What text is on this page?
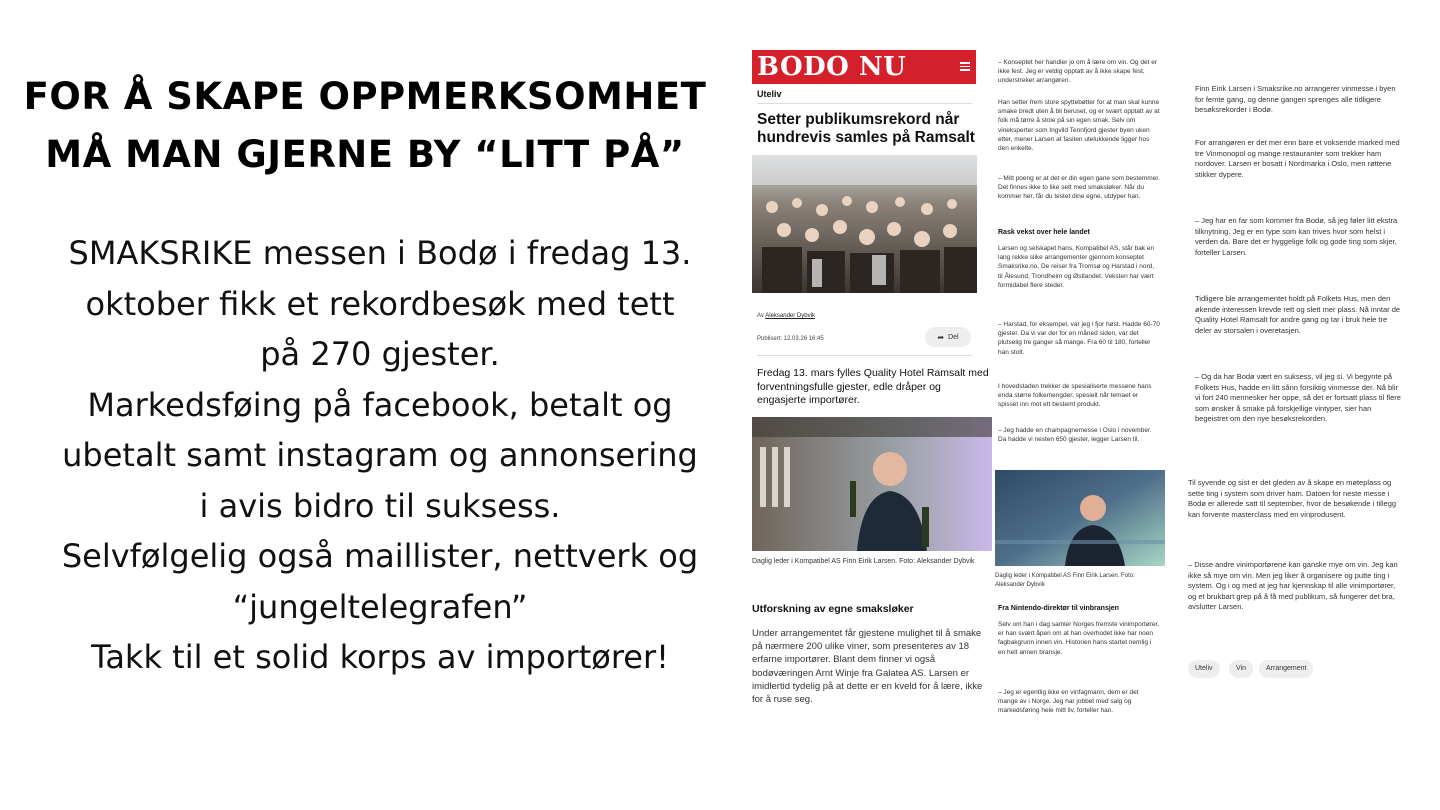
FOR Å SKAPE OPPMERKSOMHET
MÅ MAN GJERNE BY “LITT PÅ”
SMAKSRIKE messen i Bodø i fredag 13.
oktober fikk et rekordbesøk med tett
på 270 gjester.
Markedsføing på facebook, betalt og
ubetalt samt instagram og annonsering
i avis bidro til suksess.
Selvfølgelig også maillister, nettverk og
“jungeltelegrafen”
Takk til et solid korps av importører!
BODO NU
Uteliv
Setter publikumsrekord når hundrevis samles på Ramsalt
Av Aleksander Dybvik
Publisert: 12.03.26 16:45	➦ Del
Fredag 13. mars fylles Quality Hotel Ramsalt med forventningsfulle gjester, edle dråper og engasjerte importører.
Daglig leder i Kompatibel AS Finn Eirik Larsen. Foto: Aleksander Dybvik
Utforskning av egne smaksløker
Under arrangementet får gjestene mulighet til å smake på nærmere 200 ulike viner, som presenteres av 18 erfarne importører. Blant dem finner vi også bodøværingen Arnt Winje fra Galatea AS. Larsen er imidlertid tydelig på at dette er en kveld for å lære, ikke for å ruse seg.
– Konseptet her handler jo om å lære om vin. Og det er ikke fest. Jeg er veldig opptatt av å ikke skape fest, understreker arrangøren.
Han setter frem store spyttebøtter for at man skal kunne smake bredt uten å bli beruset, og er svært opptatt av at folk må tørre å stole på sin egen smak. Selv om vineksperter som Ingvild Tennfjord gjester byen uken etter, mener Larsen at fasiten utelukkende ligger hos den enkelte.
– Mitt poeng er at det er din egen gane som bestemmer. Det finnes ikke to like sett med smaksløker. Når du kommer her, får du testet dine egne, utdyper han.
Rask vekst over hele landet
Larsen og selskapet hans, Kompatibel AS, står bak en lang rekke slike arrangementer gjennom konseptet Smaksrike.no. De reiser fra Tromsø og Harstad i nord, til Ålesund, Trondheim og Østlandet. Veksten har vært formidabel flere steder.
– Harstad, for eksempel, var jeg i fjor høst. Hadde 60-70 gjester. Da vi var der for en måned siden, var det plutselig tre ganger så mange. Fra 60 til 180, forteller han stolt.
I hovedstaden trekker de spesialiserte messene hans enda større folkemengder, spesielt når temaet er spisset inn mot ett bestemt produkt.
– Jeg hadde en champagnemesse i Oslo i november. Da hadde vi nesten 650 gjester, legger Larsen til.
Daglig leder i Kompatibel AS Finn Eirik Larsen. Foto: Aleksander Dybvik
Fra Nintendo-direktør til vinbransjen
Selv om han i dag samler Norges fremste vinimportører, er han svært åpen om at han overhodet ikke har noen fagbakgrunn innen vin. Historien hans startet nemlig i en helt annen bransje.
– Jeg er egentlig ikke en vinfagmann, dem er det mange av i Norge. Jeg har jobbet med salg og markedsføring hele mitt liv, forteller han.
Finn Eirik Larsen i Smaksrike.no arrangerer vinmesse i byen for femte gang, og denne gangen sprenges alle tidligere besøksrekorder i Bodø.
For arrangøren er det mer enn bare et voksende marked med tre Vinmonopol og mange restauranter som trekker ham nordover. Larsen er bosatt i Nordmarka i Oslo, men røttene stikker dypere.
– Jeg har en far som kommer fra Bodø, så jeg føler litt ekstra tilknytning. Jeg er en type som kan trives hvor som helst i verden da. Bare det er hyggelige folk og gode ting som skjer, forteller Larsen.
Tidligere ble arrangementet holdt på Folkets Hus, men den økende interessen krevde rett og slett mer plass. Nå inntar de Quality Hotel Ramsalt for andre gang og tar i bruk hele tre deler av storsalen i overetasjen.
– Og da har Bodø vært en suksess, vil jeg si. Vi begynte på Folkets Hus, hadde en litt sånn forsiktig vinmesse der. Nå blir vi fort 240 mennesker her oppe, så det er fortsatt plass til flere som ønsker å smake på forskjellige vintyper, sier han begeistret om den nye besøksrekorden.
Til syvende og sist er det gleden av å skape en møteplass og sette ting i system som driver ham. Datoen for neste messe i Bodø er allerede satt til september, hvor de besøkende i tillegg kan forvente masterclass med en vinprodusent.
– Disse andre vinimportørene kan ganske mye om vin. Jeg kan ikke så mye om vin. Men jeg liker å organisere og putte ting i system. Og i og med at jeg har kjennskap til alle vinimportører, og et brukbart grep på å få med publikum, så fungerer det bra, avslutter Larsen.
Uteliv	Vin	Arrangement
